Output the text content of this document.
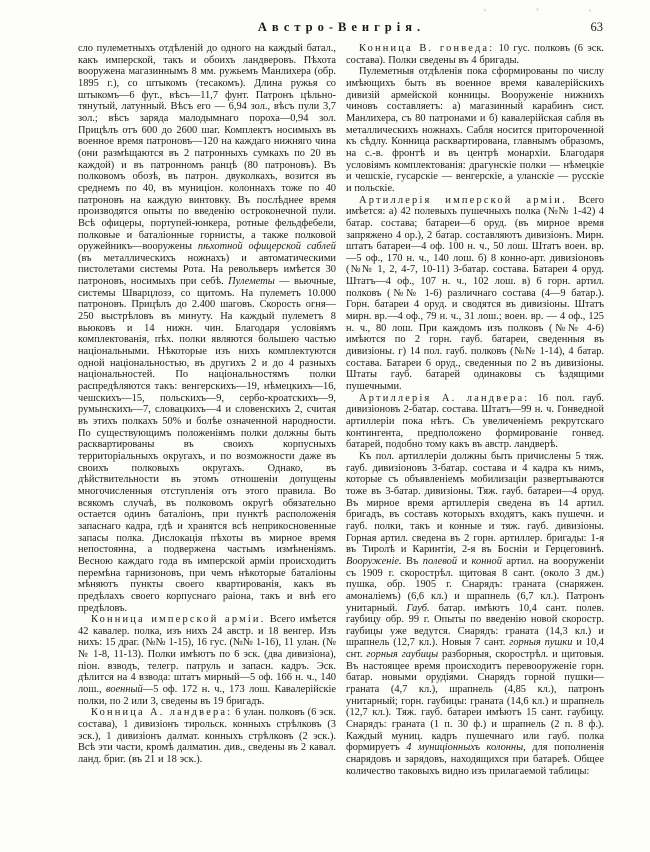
Австро-Венгрія.	63

сло пулеметныхъ отдѣленій до одного на каждый батал., какъ имперской, такъ и обоихъ ландверовъ. Пѣхота вооружена магазиннымъ 8 мм. ружьемъ Манлихера (обр. 1895 г.), со штыкомъ (тесакомъ). Длина ружья со штыкомъ—6 фут., вѣсъ—11,7 фунт. Патронъ цѣльно-тянутый, латунный. Вѣсъ его — 6,94 зол., вѣсъ пули 3,7 зол.; вѣсъ заряда малодымнаго пороха—0,94 зол. Прицѣлъ отъ 600 до 2600 шаг. Комплектъ носимыхъ въ военное время патроновъ—120 на каждаго нижняго чина (они размѣщаются въ 2 патронныхъ сумкахъ по 20 въ каждой) и въ патронномъ ранцѣ (80 патроновъ). Въ полковомъ обозѣ, въ патрон. двуколкахъ, возится въ среднемъ по 40, въ муниціон. колоннахъ тоже по 40 патроновъ на каждую винтовку. Въ послѣднее время производятся опыты по введенію остроконечной пули. Всѣ офицеры, портупей-юнкера, ротные фельдфебели, полковые и баталіонные горнисты, а также полковой оружейникъ—вооружены пѣхотной офицерской саблей (въ металлическихъ ножнахъ) и автоматическими пистолетами системы Рота. На револьверъ имѣется 30 патроновъ, носимыхъ при себѣ. Пулеметы — вьючные, системы Шварцлозэ, со щитомъ. На пулеметъ 10.000 патроновъ. Прицѣлъ до 2.400 шаговъ. Скорость огня—250 выстрѣловъ въ минуту. На каждый пулеметъ 8 вьюковъ и 14 нижн. чин. Благодаря условіямъ комплектованія, пѣх. полки являются большею частью національными. Нѣкоторые изъ нихъ комплектуются одной національностью, въ другихъ 2 и до 4 разныхъ національностей. По національностямъ полки распредѣляются такъ: венгерскихъ—19, нѣмецкихъ—16, чешскихъ—15, польскихъ—9, сербо-кроатскихъ—9, румынскихъ—7, словацкихъ—4 и словенскихъ 2, считая въ этихъ полкахъ 50% и болѣе означенной народности. По существующимъ положеніямъ полки должны быть расквартированы въ своихъ корпусныхъ территоріальныхъ округахъ, и по возможности даже въ своихъ полковыхъ округахъ. Однако, въ дѣйствительности въ этомъ отношеніи допущены многочисленныя отступленія отъ этого правила. Во всякомъ случаѣ, въ полковомъ округѣ обязательно остается одинъ баталіонъ, при пунктѣ расположенія запаснаго кадра, гдѣ и хранятся всѣ неприкосновенные запасы полка. Дислокація пѣхоты въ мирное время непостоянна, а подвержена частымъ измѣненіямъ. Весною каждаго года въ имперской арміи происходитъ перемѣна гарнизоновъ, при чемъ нѣкоторые баталіоны мѣняютъ пункты своего квартированія, какъ въ предѣлахъ своего корпуснаго раіона, такъ и внѣ его предѣловъ.

Конница имперской арміи. Всего имѣется 42 кавалер. полка, изъ нихъ 24 австр. и 18 венгер. Изъ нихъ: 15 драг. (№№ 1-15), 16 гус. (№№ 1-16), 11 улан. (№№ 1-8, 11-13). Полки имѣютъ по 6 эск. (два дивизіона), піон. взводъ, телегр. патруль и запасн. кадръ. Эск. дѣлится на 4 взвода: штатъ мирный—5 оф. 166 н. ч., 140 лош., военный—5 оф. 172 н. ч., 173 лош. Кавалерійскіе полки, по 2 или 3, сведены въ 19 бригадъ.

Конница А. ландвера: 6 улан. полковъ (6 эск. состава), 1 дивизіонъ тирольск. конныхъ стрѣлковъ (3 эск.), 1 дивизіонъ далмат. конныхъ стрѣлковъ (2 эск.). Всѣ эти части, кромѣ далматин. див., сведены въ 2 кавал. ланд. бриг. (въ 21 и 18 эск.).

Конница В. гонведа: 10 гус. полковъ (6 эск. состава). Полки сведены въ 4 бригады.

Пулеметныя отдѣленія пока сформированы по числу имѣющихъ быть въ военное время кавалерійскихъ дивизій армейской конницы. Вооруженіе нижнихъ чиновъ составляетъ: а) магазинный карабинъ сист. Манлихера, съ 80 патронами и б) кавалерійская сабля въ металлическихъ ножнахъ. Сабля носится притороченной къ сѣдлу. Конница расквартирована, главнымъ образомъ, на с.-в. фронтѣ и въ центрѣ монархіи. Благодаря условіямъ комплектованія: драгунскіе полки — нѣмецкіе и чешскіе, гусарскіе — венгерскіе, а уланскіе — русскіе и польскіе.

Артиллерія имперской арміи. Всего имѣется: а) 42 полевыхъ пушечныхъ полка (№№ 1-42) 4 батар. состава; батареи—6 оруд. (въ мирное время запряжено 4 ор.), 2 батар. составляютъ дивизіонъ. Мирн. штатъ батареи—4 оф. 100 н. ч., 50 лош. Штатъ воен. вр.—5 оф., 170 н. ч., 140 лош. б) 8 конно-арт. дивизіоновъ (№№ 1, 2, 4-7, 10-11) 3-батар. состава. Батареи 4 оруд. Штатъ—4 оф., 107 н. ч., 102 лош. в) 6 горн. артил. полковъ (№№ 1-6) различнаго состава (4—9 батар.). Горн. батареи 4 оруд. и сводятся въ дивизіоны. Штатъ мирн. вр.—4 оф., 79 н. ч., 31 лош.; воен. вр. — 4 оф., 125 н. ч., 80 лош. При каждомъ изъ полковъ (№№ 4-6) имѣются по 2 горн. гауб. батареи, сведенныя въ дивизіоны. г) 14 пол. гауб. полковъ (№№ 1-14), 4 батар. состава. Батареи 6 оруд., сведенныя по 2 въ дивизіоны. Штаты гауб. батарей одинаковы съ ѣздящими пушечными.

Артиллерія А. ландвера: 16 пол. гауб. дивизіоновъ 2-батар. состава. Штатъ—99 н. ч. Гонведной артиллеріи пока нѣтъ. Съ увеличеніемъ рекрутскаго контингента, предположено формированіе гонвед. батарей, подобно тому какъ въ австр. ландверѣ.

Къ пол. артиллеріи должны быть причислены 5 тяж. гауб. дивизіоновъ 3-батар. состава и 4 кадра къ нимъ, которые съ объявленіемъ мобилизаціи развертываются тоже въ 3-батар. дивизіоны. Тяж. гауб. батареи—4 оруд. Въ мирное время артиллерія сведена въ 14 артил. бригадъ, въ составъ которыхъ входятъ, какъ пушечн. и гауб. полки, такъ и конные и тяж. гауб. дивизіоны. Горная артил. сведена въ 2 горн. артиллер. бригады: 1-я въ Тиролѣ и Каринтіи, 2-я въ Босніи и Герцеговинѣ. Вооруженіе. Въ полевой и конной артил. на вооруженіи съ 1909 г. скорострѣл. щитовая 8 сант. (около 3 дм.) пушка, обр. 1905 г. Снарядъ: граната (снаряжен. амоналіемъ) (6,6 кл.) и шрапнель (6,7 кл.). Патронъ унитарный. Гауб. батар. имѣютъ 10,4 сант. полев. гаубицу обр. 99 г. Опыты по введенію новой скоростр. гаубицы уже ведутся. Снарядъ: граната (14,3 кл.) и шрапнель (12,7 кл.). Новыя 7 сант. горныя пушки и 10,4 снт. горныя гаубицы разборныя, скорострѣл. и щитовыя. Въ настоящее время происходитъ перевооруженіе горн. батар. новыми орудіями. Снарядъ горной пушки—граната (4,7 кл.), шрапнель (4,85 кл.), патронъ унитарный; горн. гаубицы: граната (14,6 кл.) и шрапнель (12,7 кл.). Тяж. гауб. батареи имѣютъ 15 сант. гаубицу. Снарядъ: граната (1 п. 30 ф.) и шрапнель (2 п. 8 ф.). Каждый муниц. кадръ пушечнаго или гауб. полка формируетъ 4 муниціонныхъ колонны, для пополненія снарядовъ и зарядовъ, находящихся при батареѣ. Общее количество таковыхъ видно изъ прилагаемой таблицы:
